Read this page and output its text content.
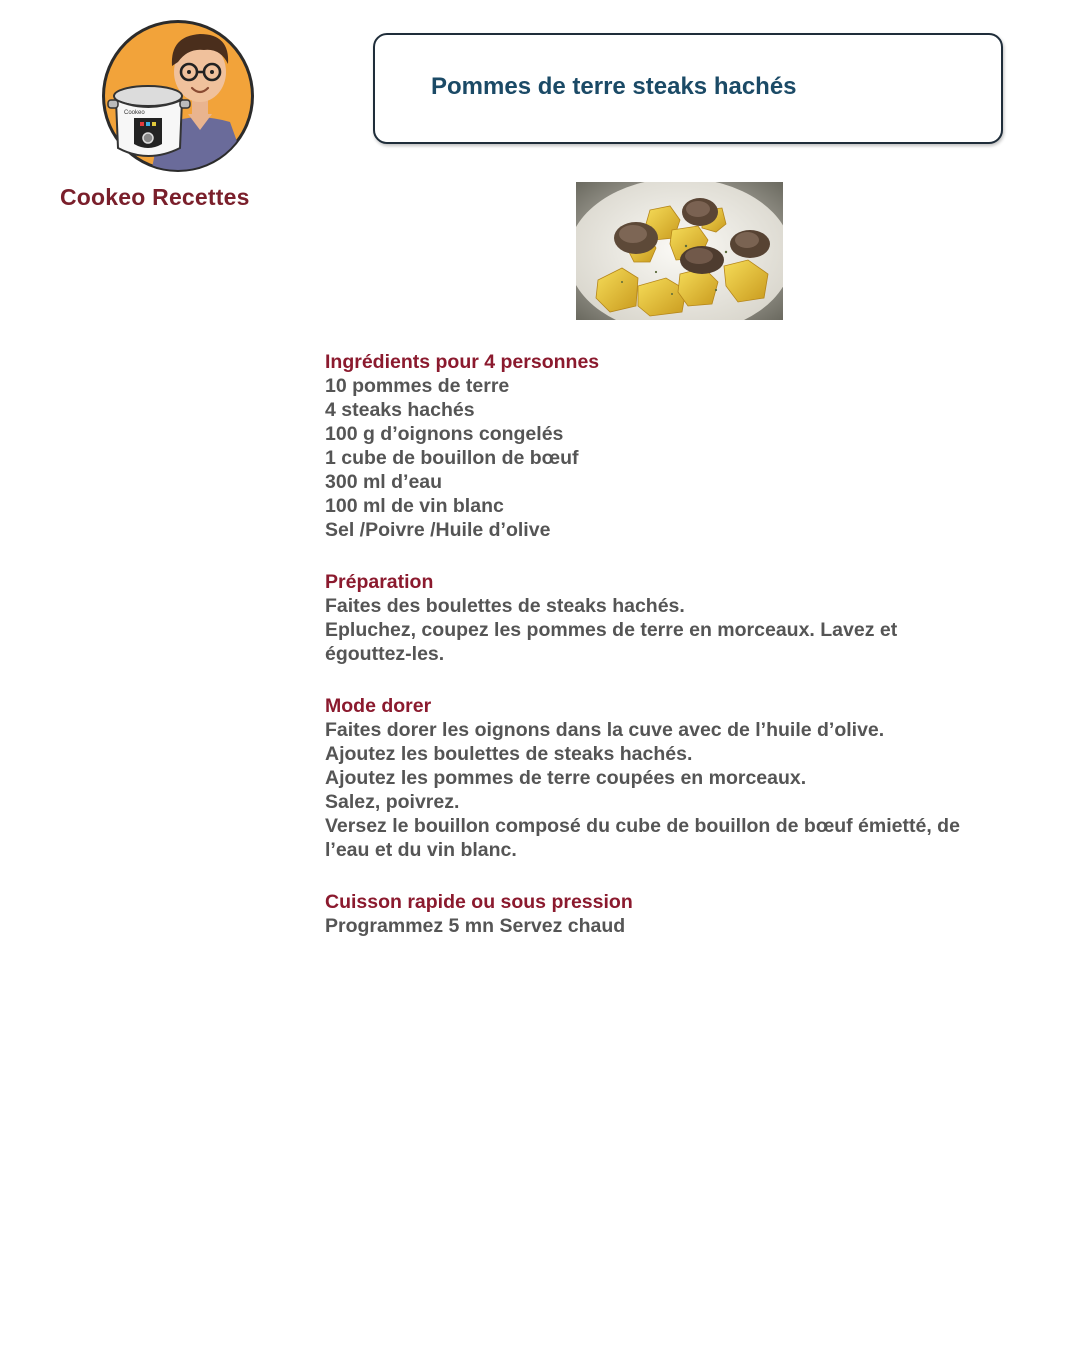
Cookeo
Cookeo Recettes
Pommes de terre steaks hachés
Ingrédients pour 4 personnes
10 pommes de terre
4 steaks hachés
100 g d’oignons congelés
1 cube de bouillon de bœuf
300 ml d’eau
100 ml de vin blanc
Sel /Poivre /Huile d’olive
Préparation
Faites des boulettes de steaks hachés.
Epluchez, coupez les pommes de terre en morceaux. Lavez et
égouttez-les.
Mode dorer
Faites dorer les oignons dans la cuve avec de l’huile d’olive.
Ajoutez les boulettes de steaks hachés.
Ajoutez les pommes de terre coupées en morceaux.
Salez, poivrez.
Versez le bouillon composé du cube de bouillon de bœuf émietté, de
l’eau et du vin blanc.
Cuisson rapide ou sous pression
Programmez 5 mn Servez chaud
